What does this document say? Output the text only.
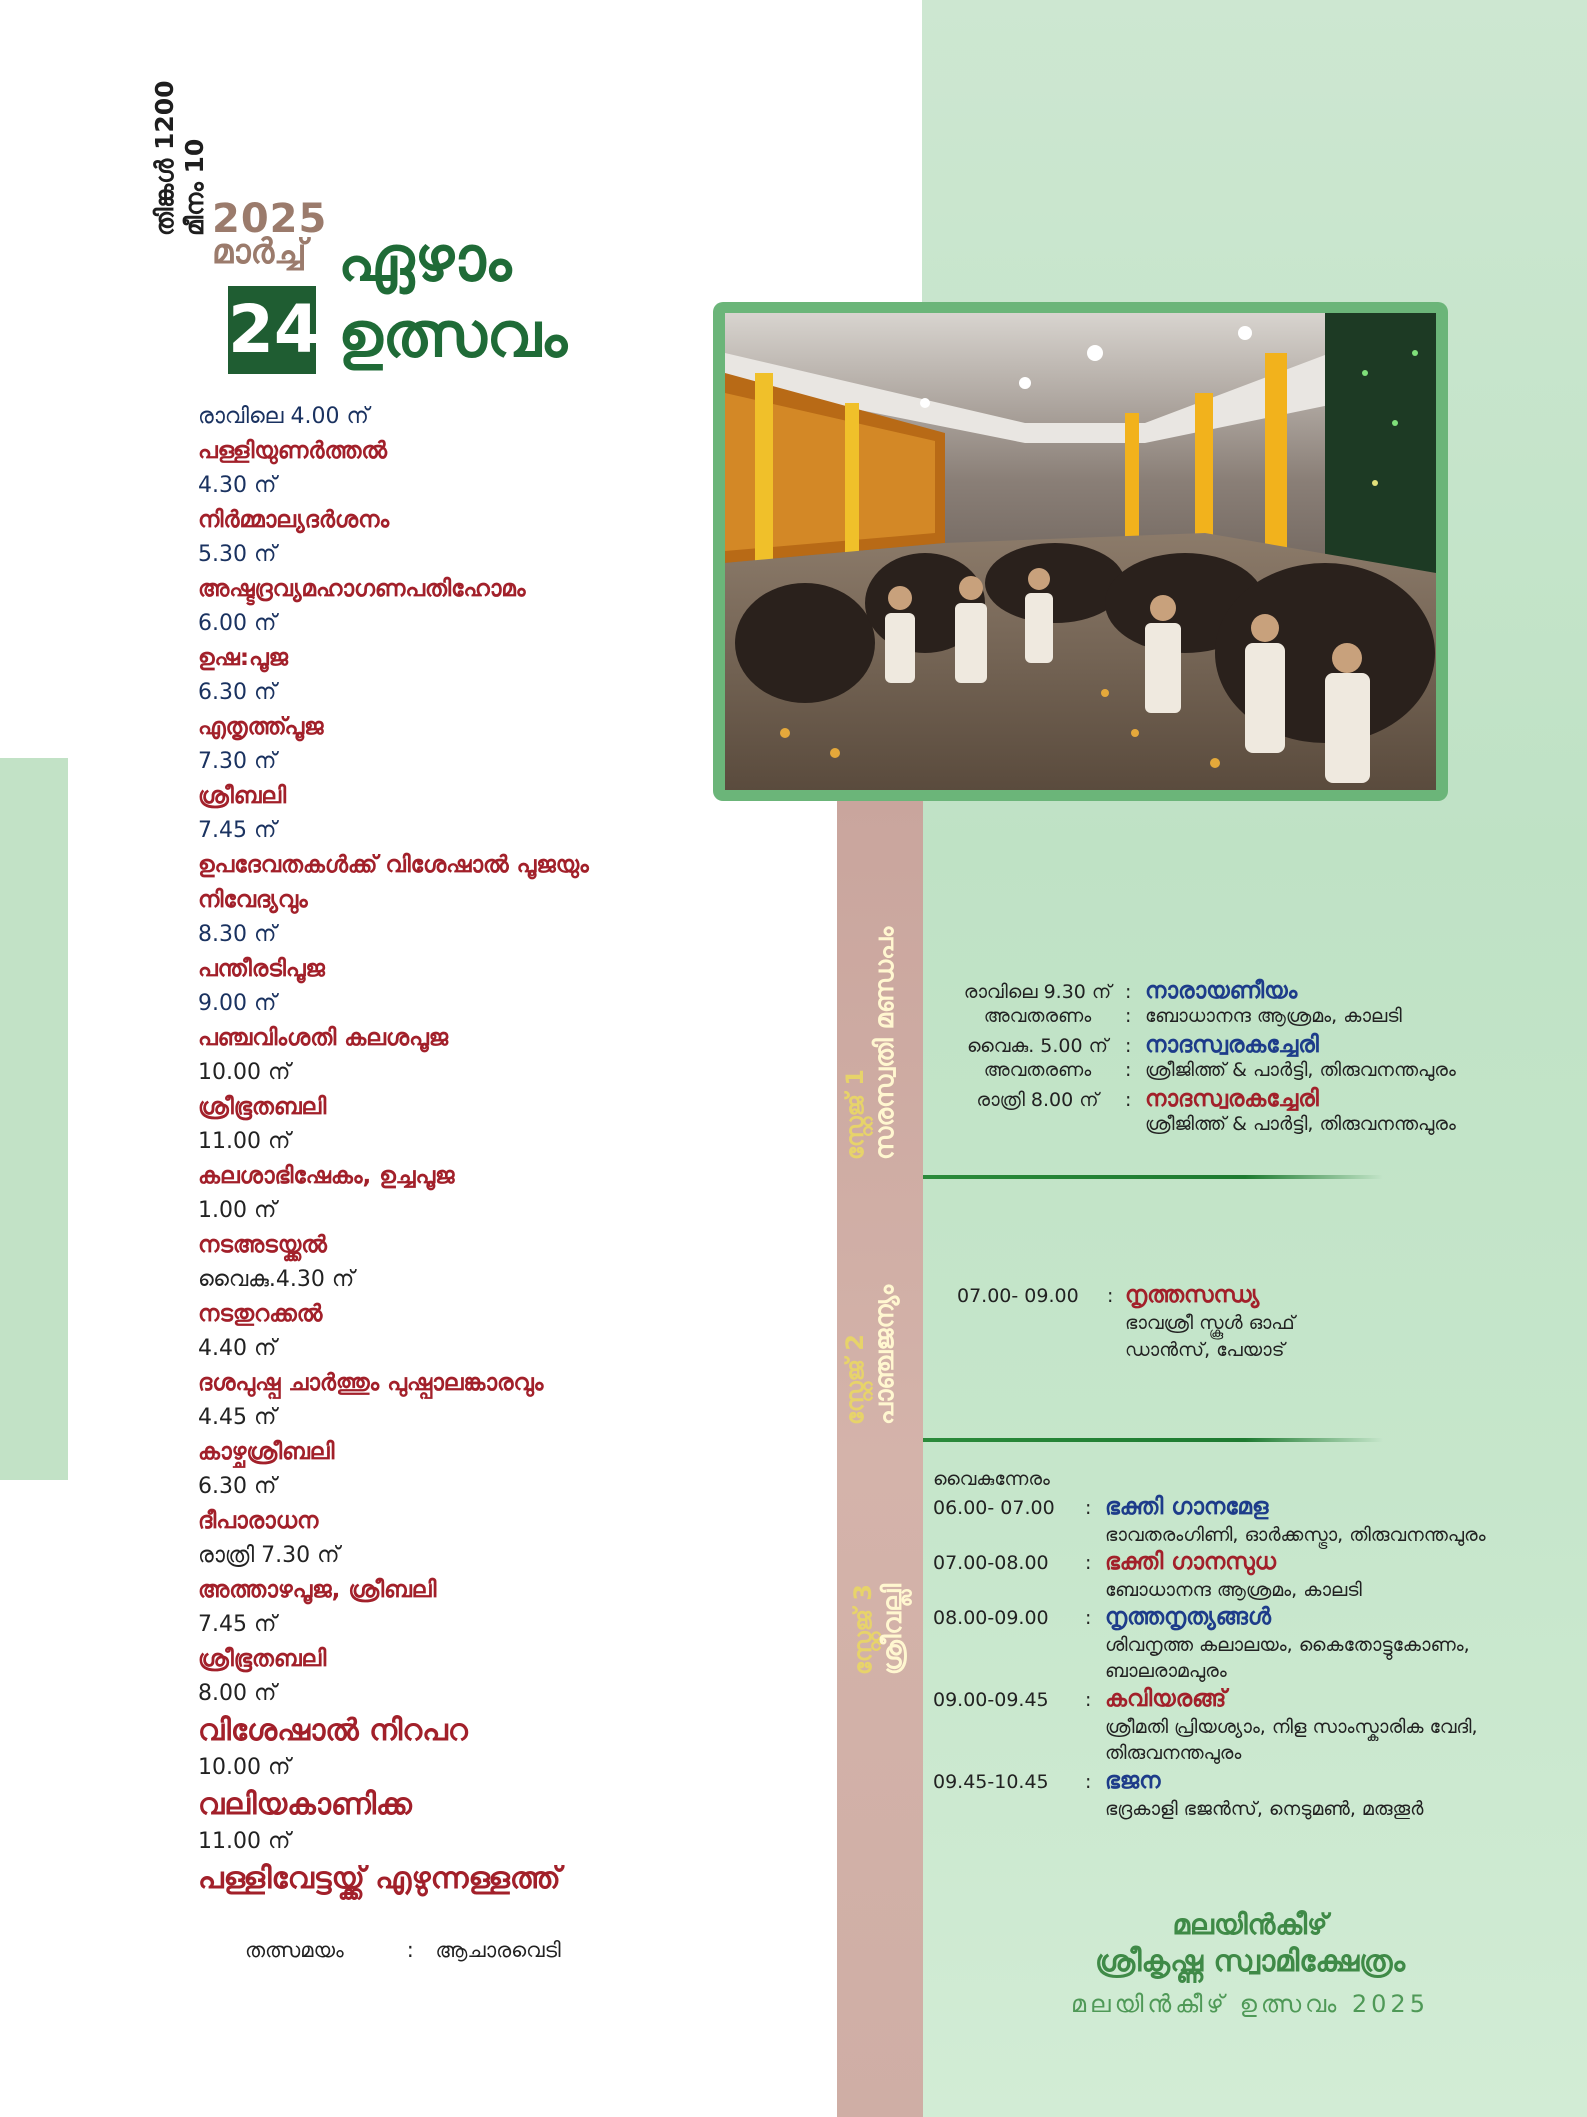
തിങ്കൾ 1200 മീനം 10 2025
മാർച്ച്
24
ഏഴാം
ഉത്സവം
രാവിലെ 4.00 ന്
പള്ളിയുണർത്തൽ
4.30 ന്
നിർമ്മാല്യദർശനം
5.30 ന്
അഷ്ടദ്രവ്യമഹാഗണപതിഹോമം
6.00 ന്
ഉഷ:പൂജ
6.30 ന്
എതൃത്ത്പൂജ
7.30 ന്
ശ്രീബലി
7.45 ന്
ഉപദേവതകൾക്ക് വിശേഷാൽ പൂജയും
നിവേദ്യവും
8.30 ന്
പന്തീരടിപൂജ
9.00 ന്
പഞ്ചവിംശതി കലശപൂജ
10.00 ന്
ശ്രീഭൂതബലി
11.00 ന്
കലശാഭിഷേകം, ഉച്ചപൂജ
1.00 ന്
നടഅടയ്ക്കൽ
വൈകു.4.30 ന്
നടതുറക്കൽ
4.40 ന്
ദശപുഷ്പ ചാർത്തും പുഷ്പാലങ്കാരവും
4.45 ന്
കാഴ്ചശ്രീബലി
6.30 ന്
ദീപാരാധന
രാത്രി 7.30 ന്
അത്താഴപൂജ, ശ്രീബലി
7.45 ന്
ശ്രീഭൂതബലി
8.00 ന്
വിശേഷാൽ നിറപറ
10.00 ന്
വലിയകാണിക്ക
11.00 ന്
പള്ളിവേട്ടയ്ക്ക് എഴുന്നള്ളത്ത്
തത്സമയം	: ആചാരവെടി
സ്റ്റേജ് 1 സരസ്വതി മണ്ഡപം	രാവിലെ 9.30 ന് : നാരായണീയം
അവതരണം : ബോധാനന്ദ ആശ്രമം, കാലടി
വൈകു. 5.00 ന് : നാദസ്വരകച്ചേരി
അവതരണം : ശ്രീജിത്ത് & പാർട്ടി, തിരുവനന്തപുരം
രാത്രി 8.00 ന് : നാദസ്വരകച്ചേരി
ശ്രീജിത്ത് & പാർട്ടി, തിരുവനന്തപുരം
സ്റ്റേജ് 2 പാഞ്ചജന്യം	07.00- 09.00 : നൃത്തസന്ധ്യ
ഭാവശ്രീ സ്കൂൾ ഓഫ്
ഡാൻസ്, പേയാട്
സ്റ്റേജ് 3 ശ്രീവല്ലി
വൈകുന്നേരം
06.00- 07.00 : ഭക്തി ഗാനമേള
ഭാവതരംഗിണി, ഓർക്കസ്ട്രാ, തിരുവനന്തപുരം
07.00-08.00 : ഭക്തി ഗാനസുധ
ബോധാനന്ദ ആശ്രമം, കാലടി
08.00-09.00 : നൃത്തനൃത്യങ്ങൾ
ശിവനൃത്ത കലാലയം, കൈതോട്ടുകോണം,
ബാലരാമപുരം
09.00-09.45 : കവിയരങ്ങ്
ശ്രീമതി പ്രിയശ്യാം, നിള സാംസ്കാരിക വേദി,
തിരുവനന്തപുരം
09.45-10.45 : ഭജന
ഭദ്രകാളി ഭജൻസ്, നെടുമൺ, മരുതൂർ
മലയിൻകീഴ്
ശ്രീകൃഷ്ണ സ്വാമിക്ഷേത്രം
മലയിൻകീഴ് ഉത്സവം 2025
